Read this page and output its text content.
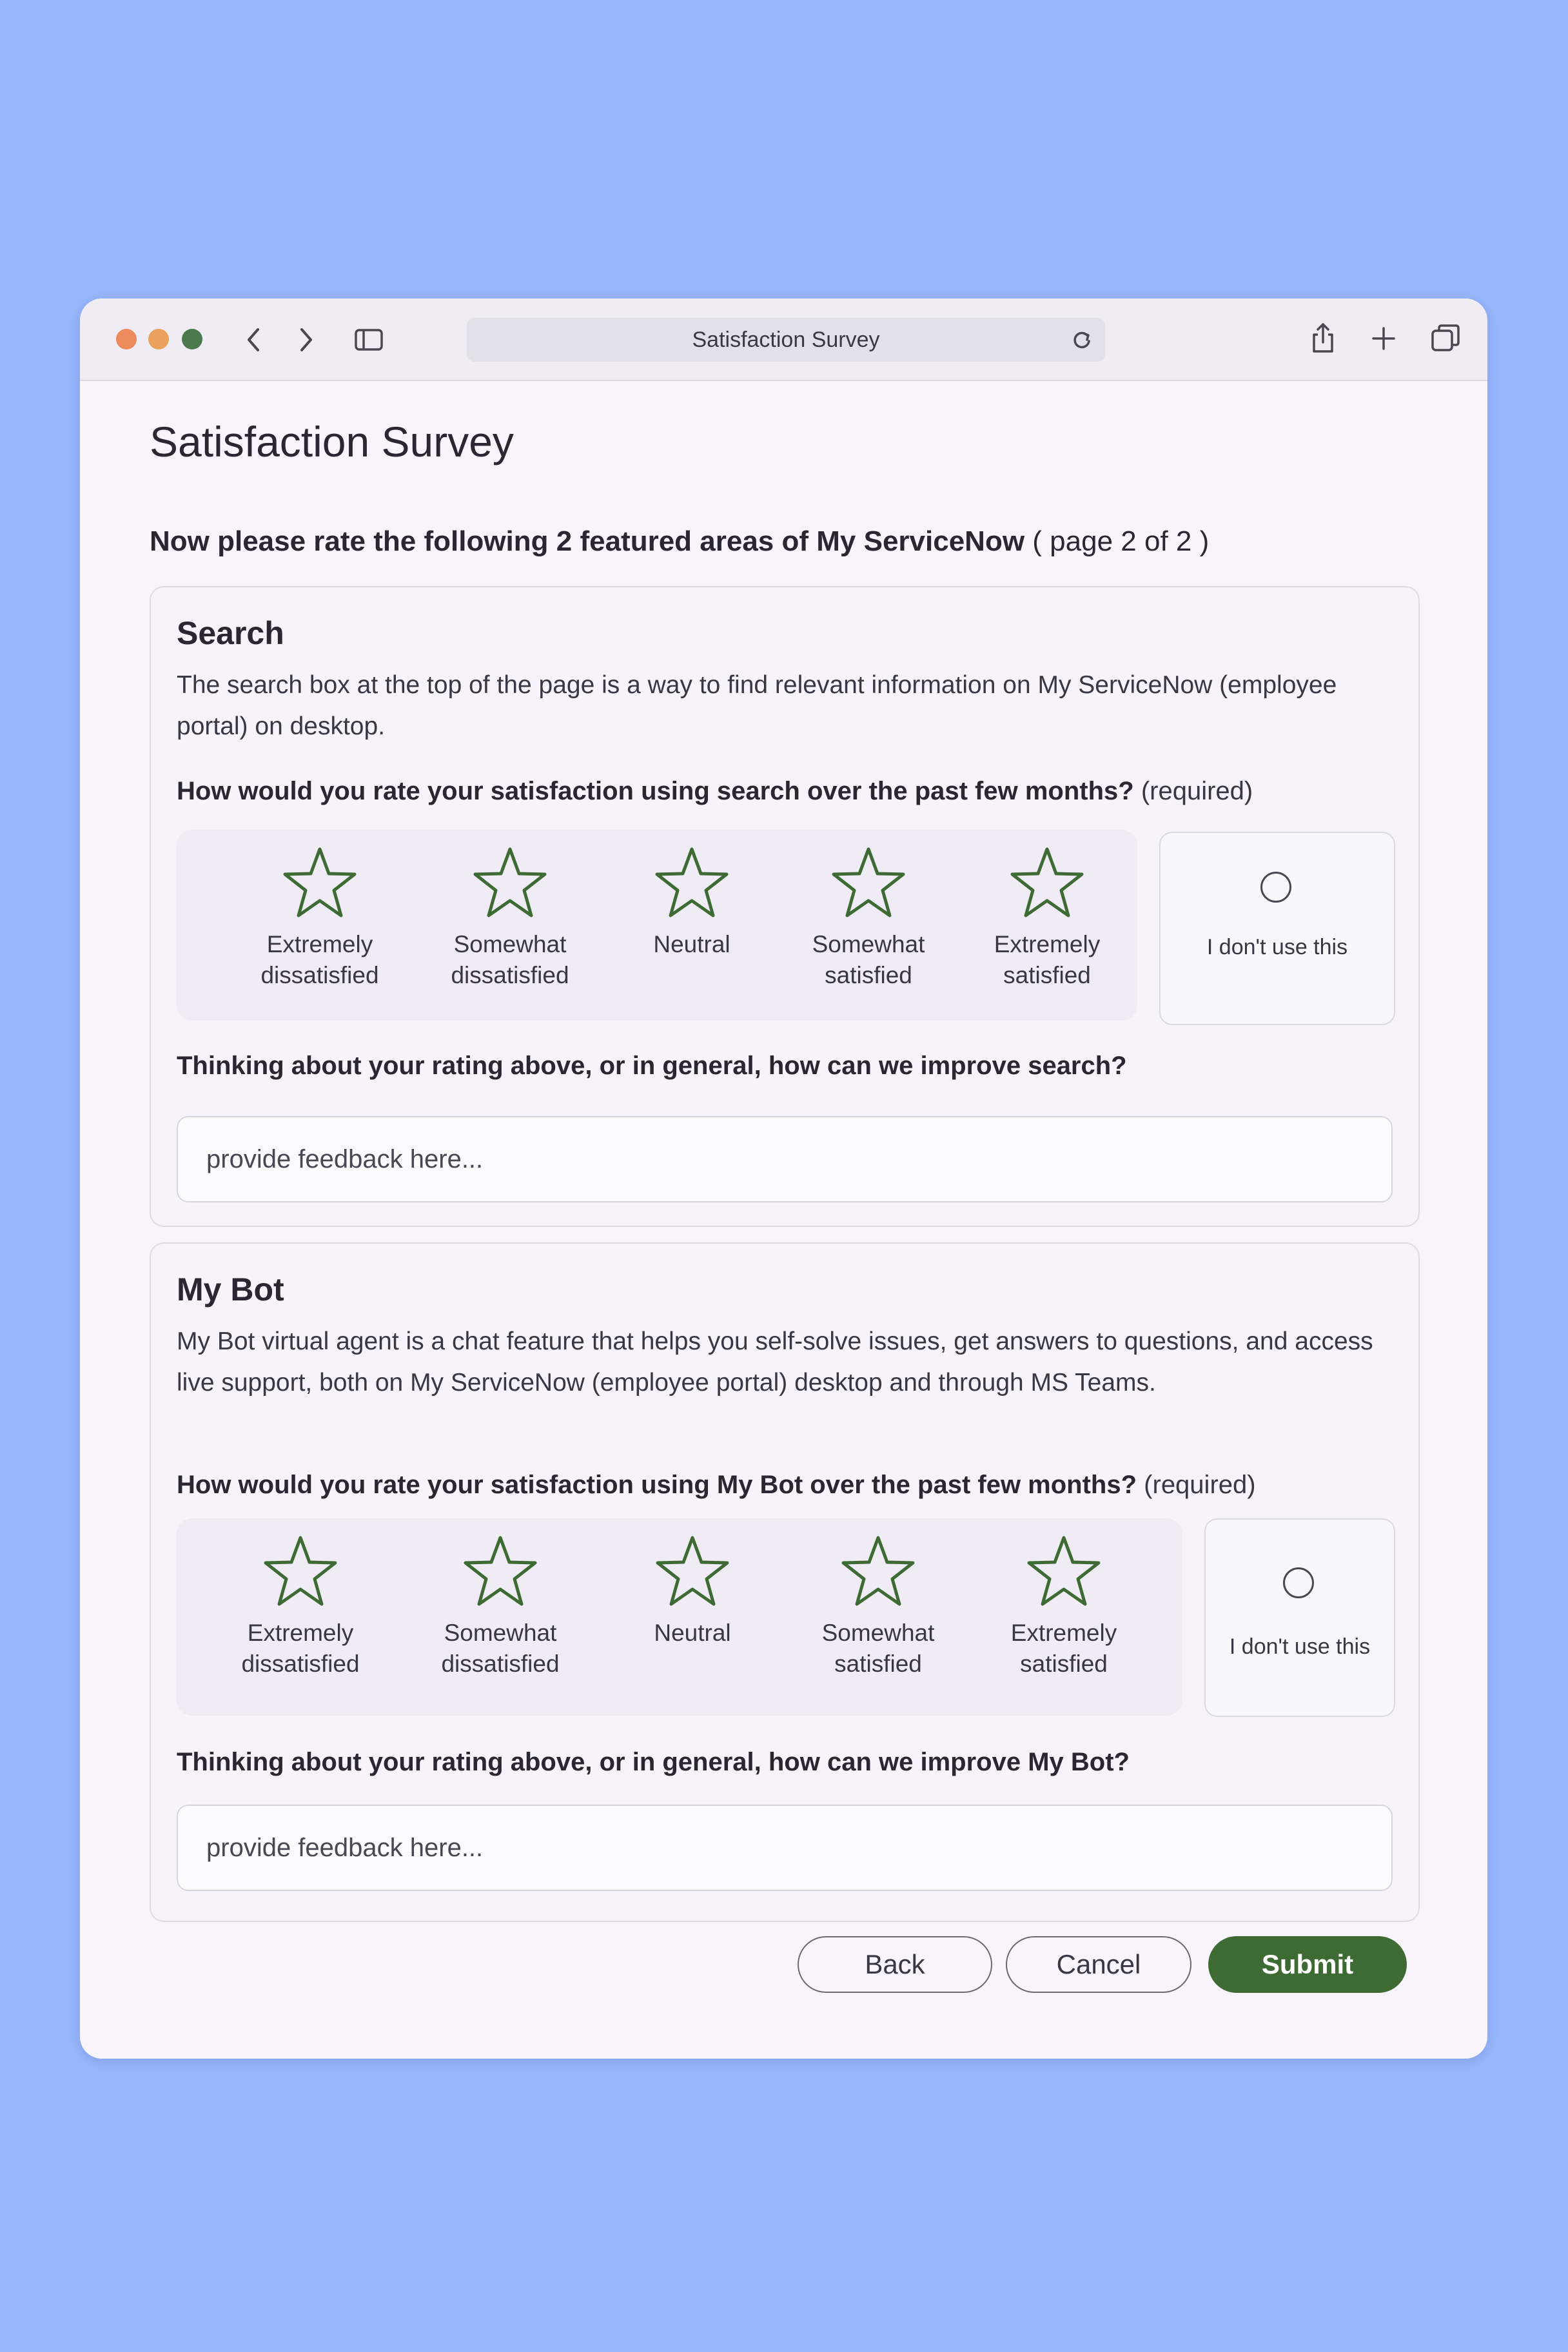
Satisfaction Survey
Satisfaction Survey
Now please rate the following 2 featured areas of My ServiceNow ( page 2 of 2 )
Search
The search box at the top of the page is a way to find relevant information on My ServiceNow (employee portal) on desktop.
How would you rate your satisfaction using search over the past few months? (required)
Extremely
dissatisfied
Somewhat
dissatisfied
Neutral	Somewhat
satisfied
Extremely
satisfied
I don't use this
Thinking about your rating above, or in general, how can we improve search?
provide feedback here...
My Bot
My Bot virtual agent is a chat feature that helps you self-solve issues, get answers to questions, and access live support, both on My ServiceNow (employee portal) desktop and through MS Teams.
How would you rate your satisfaction using My Bot over the past few months? (required)
Extremely
dissatisfied
Somewhat
dissatisfied
Neutral	Somewhat
satisfied
Extremely
satisfied
I don't use this
Thinking about your rating above, or in general, how can we improve My Bot?
provide feedback here...
Back	Cancel	Submit
